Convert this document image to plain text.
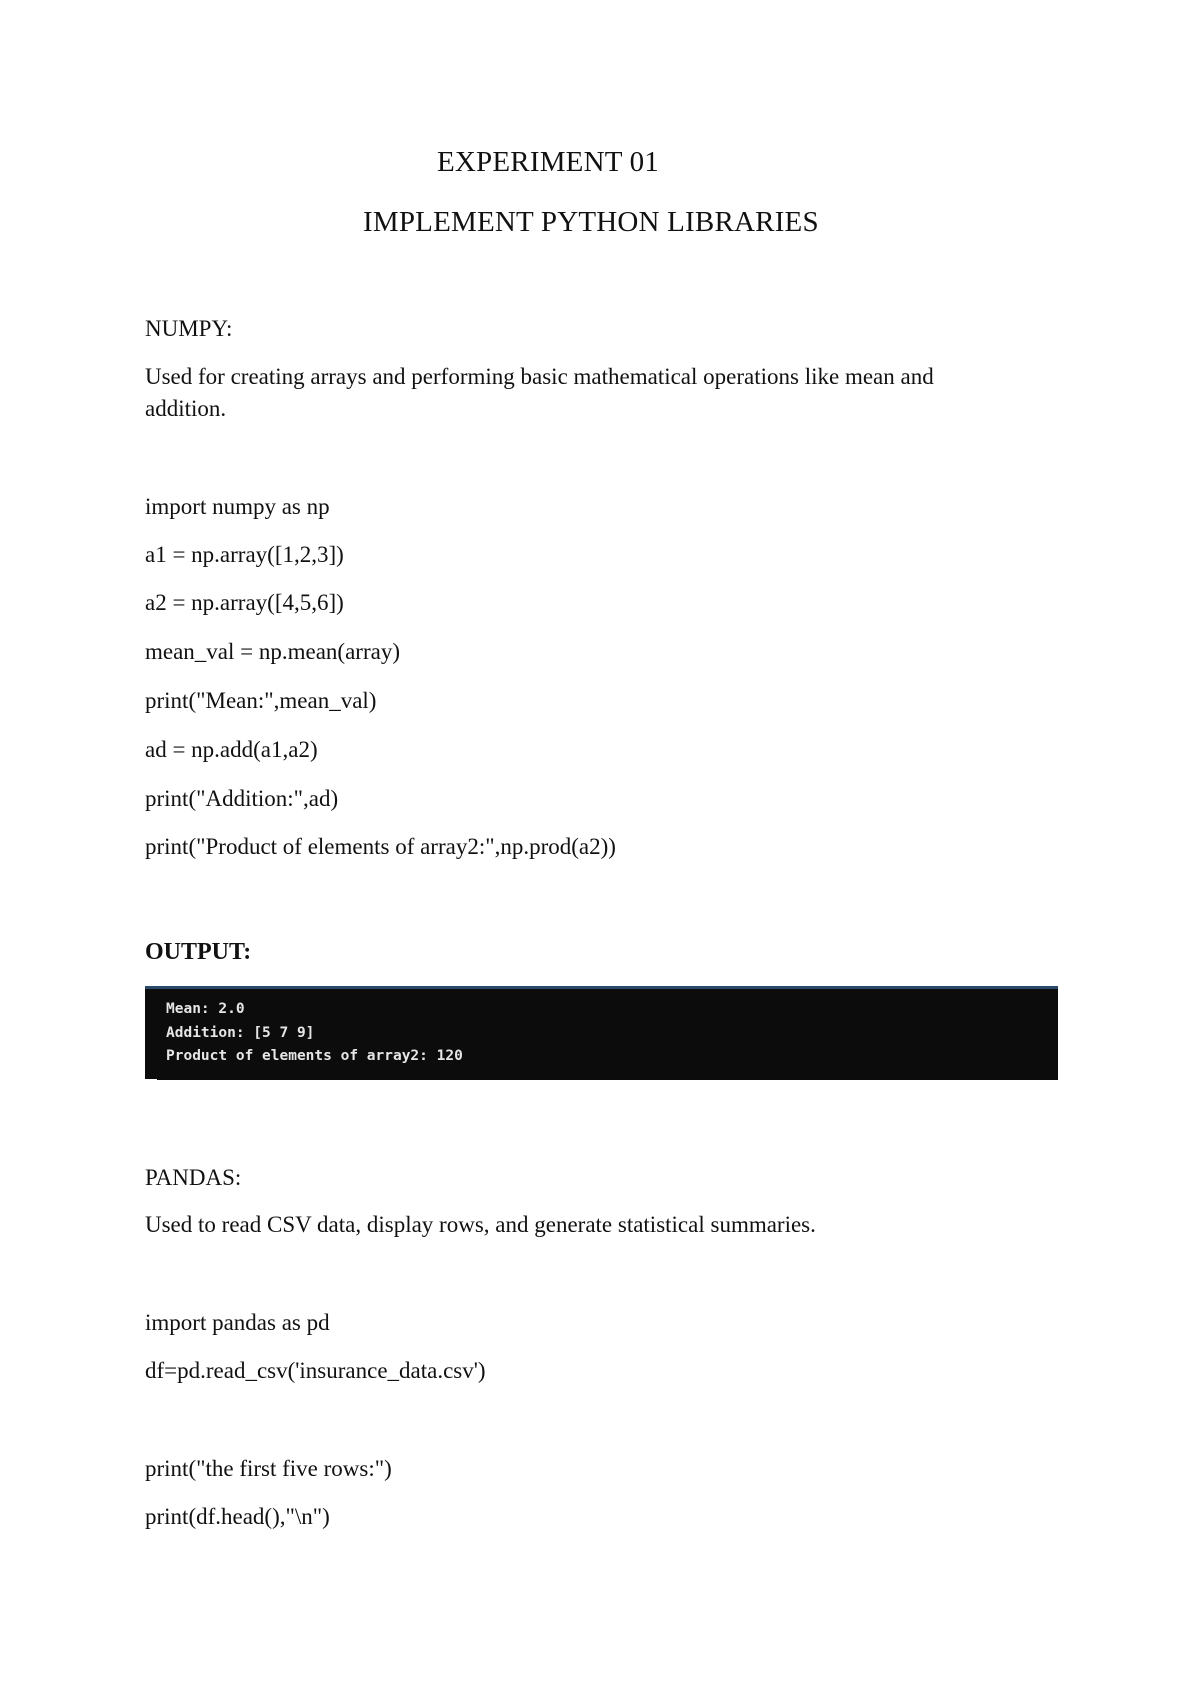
EXPERIMENT 01
IMPLEMENT PYTHON LIBRARIES
NUMPY:
Used for creating arrays and performing basic mathematical operations like mean and addition.
import numpy as np
a1 = np.array([1,2,3])
a2 = np.array([4,5,6])
mean_val = np.mean(array)
print("Mean:",mean_val)
ad = np.add(a1,a2)
print("Addition:",ad)
print("Product of elements of array2:",np.prod(a2))
OUTPUT:
Mean: 2.0
Addition: [5 7 9]
Product of elements of array2: 120
PANDAS:
Used to read CSV data, display rows, and generate statistical summaries.
import pandas as pd
df=pd.read_csv('insurance_data.csv')
print("the first five rows:")
print(df.head(),"\n")
